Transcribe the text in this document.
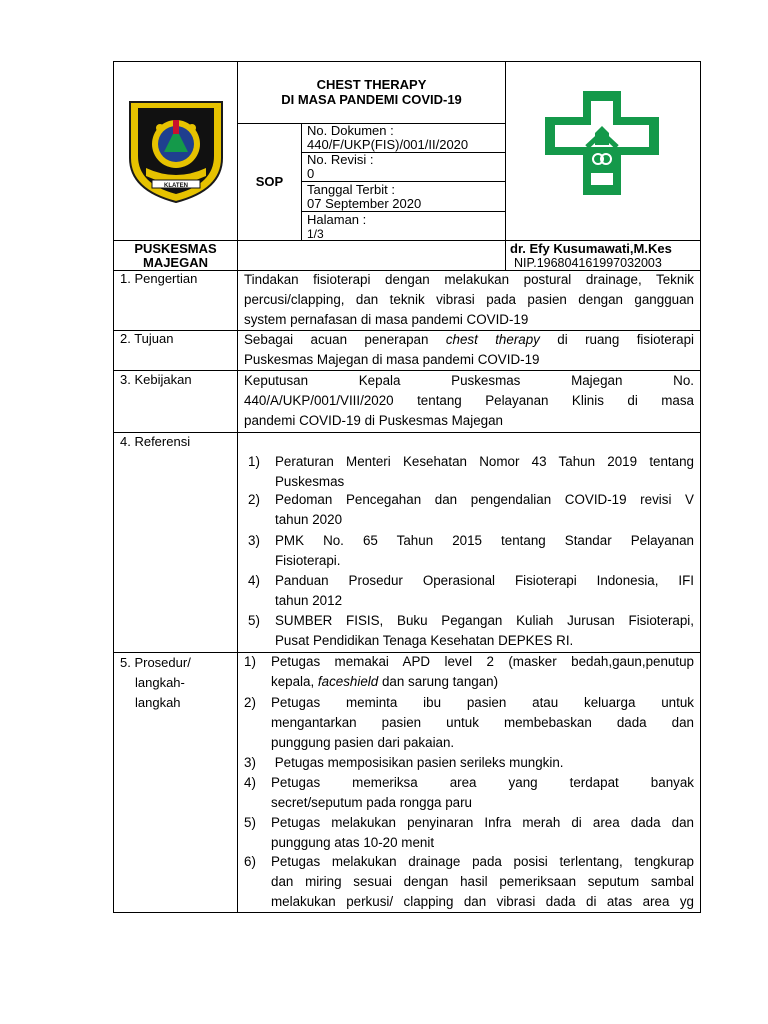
KLATEN
CHEST THERAPY
DI MASA PANDEMI COVID-19
SOP
No. Dokumen :
440/F/UKP(FIS)/001/II/2020
No. Revisi :
0
Tanggal Terbit :
07 September 2020
Halaman :
1/3
PUSKESMAS
MAJEGAN
dr. Efy Kusumawati,M.Kes
NIP.196804161997032003
1. Pengertian
2. Tujuan
3. Kebijakan
4. Referensi
5. Prosedur/
langkah-
langkah
Tindakan fisioterapi dengan melakukan postural drainage, Teknik
percusi/clapping, dan teknik vibrasi pada pasien dengan gangguan
system pernafasan di masa pandemi COVID-19
Sebagai acuan penerapan chest therapy di ruang fisioterapi
Puskesmas Majegan di masa pandemi COVID-19
Keputusan Kepala Puskesmas Majegan No.
440/A/UKP/001/VIII/2020 tentang Pelayanan Klinis di masa
pandemi COVID-19 di Puskesmas Majegan
1) Peraturan Menteri Kesehatan Nomor 43 Tahun 2019 tentang
Puskesmas
2) Pedoman Pencegahan dan pengendalian COVID-19 revisi V
tahun 2020
3) PMK No. 65 Tahun 2015 tentang Standar Pelayanan
Fisioterapi.
4) Panduan Prosedur Operasional Fisioterapi Indonesia, IFI
tahun 2012
5) SUMBER FISIS, Buku Pegangan Kuliah Jurusan Fisioterapi,
Pusat Pendidikan Tenaga Kesehatan DEPKES RI.
1) Petugas memakai APD level 2 (masker bedah,gaun,penutup
kepala, faceshield dan sarung tangan)
2) Petugas meminta ibu pasien atau keluarga untuk
mengantarkan pasien untuk membebaskan dada dan
punggung pasien dari pakaian.
3) Petugas memposisikan pasien serileks mungkin.
4) Petugas memeriksa area yang terdapat banyak
secret/seputum pada rongga paru
5) Petugas melakukan penyinaran Infra merah di area dada dan
punggung atas 10-20 menit
6) Petugas melakukan drainage pada posisi terlentang, tengkurap
dan miring sesuai dengan hasil pemeriksaan seputum sambal
melakukan perkusi/ clapping dan vibrasi dada di atas area yg
